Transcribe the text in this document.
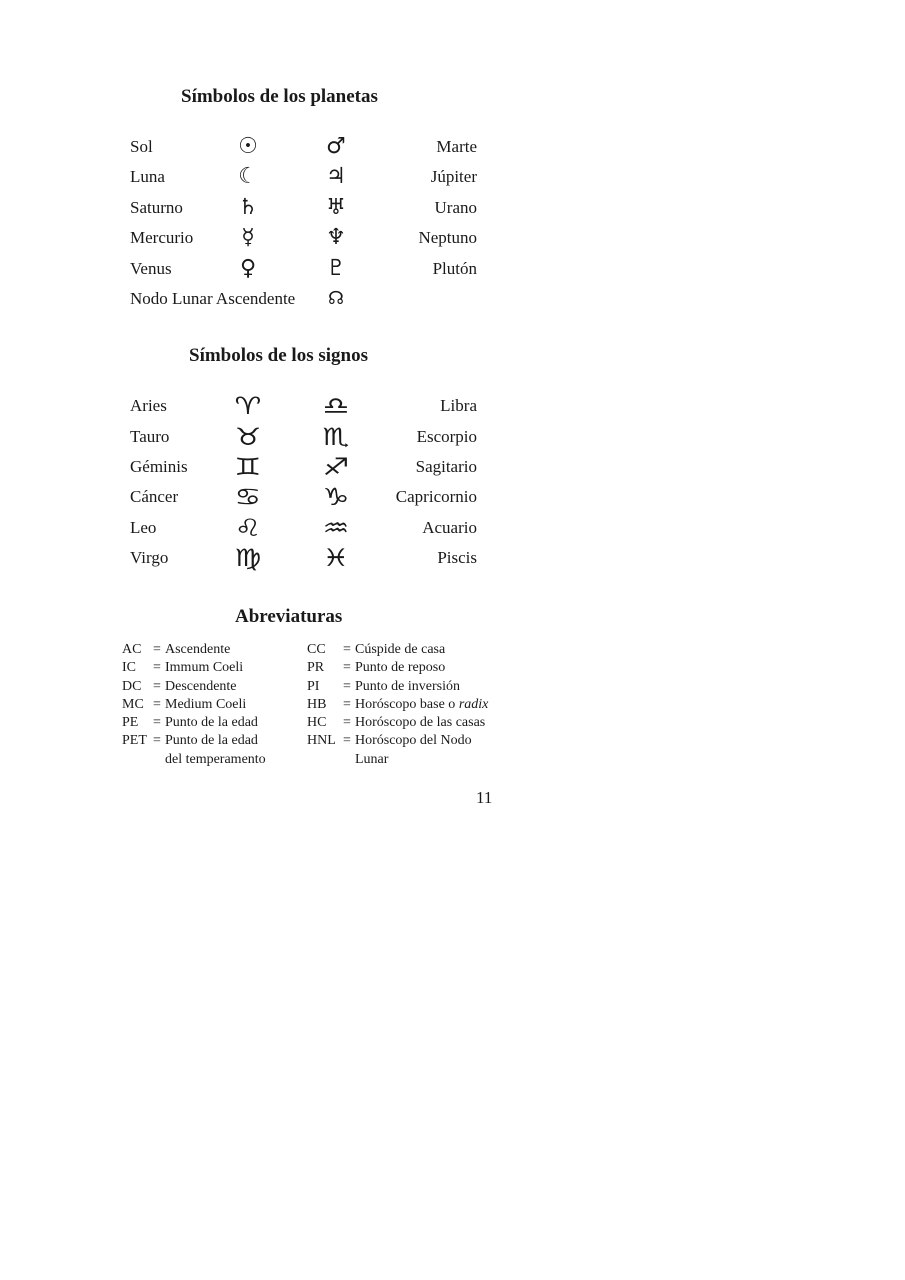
Símbolos de los planetas
Sol	☉	♂	Marte
Luna	☾	♃	Júpiter
Saturno	♄	♅	Urano
Mercurio	☿	♆	Neptuno
Venus	♀	♇	Plutón
Nodo Lunar Ascendente	☊
Símbolos de los signos
Aries	♈	♎	Libra
Tauro	♉	♏	Escorpio
Géminis ♊	♐	Sagitario
Cáncer ♋	♑	Capricornio
Leo	♌	♒	Acuario
Virgo	♍	♓	Piscis
Abreviaturas
AC = Ascendente
IC = Immum Coeli
DC = Descendente
MC = Medium Coeli
PE = Punto de la edad
PET = Punto de la edad
del temperamento
CC = Cúspide de casa
PR = Punto de reposo
PI = Punto de inversión
HB = Horóscopo base o radix
HC = Horóscopo de las casas
HNL = Horóscopo del Nodo
Lunar
11
